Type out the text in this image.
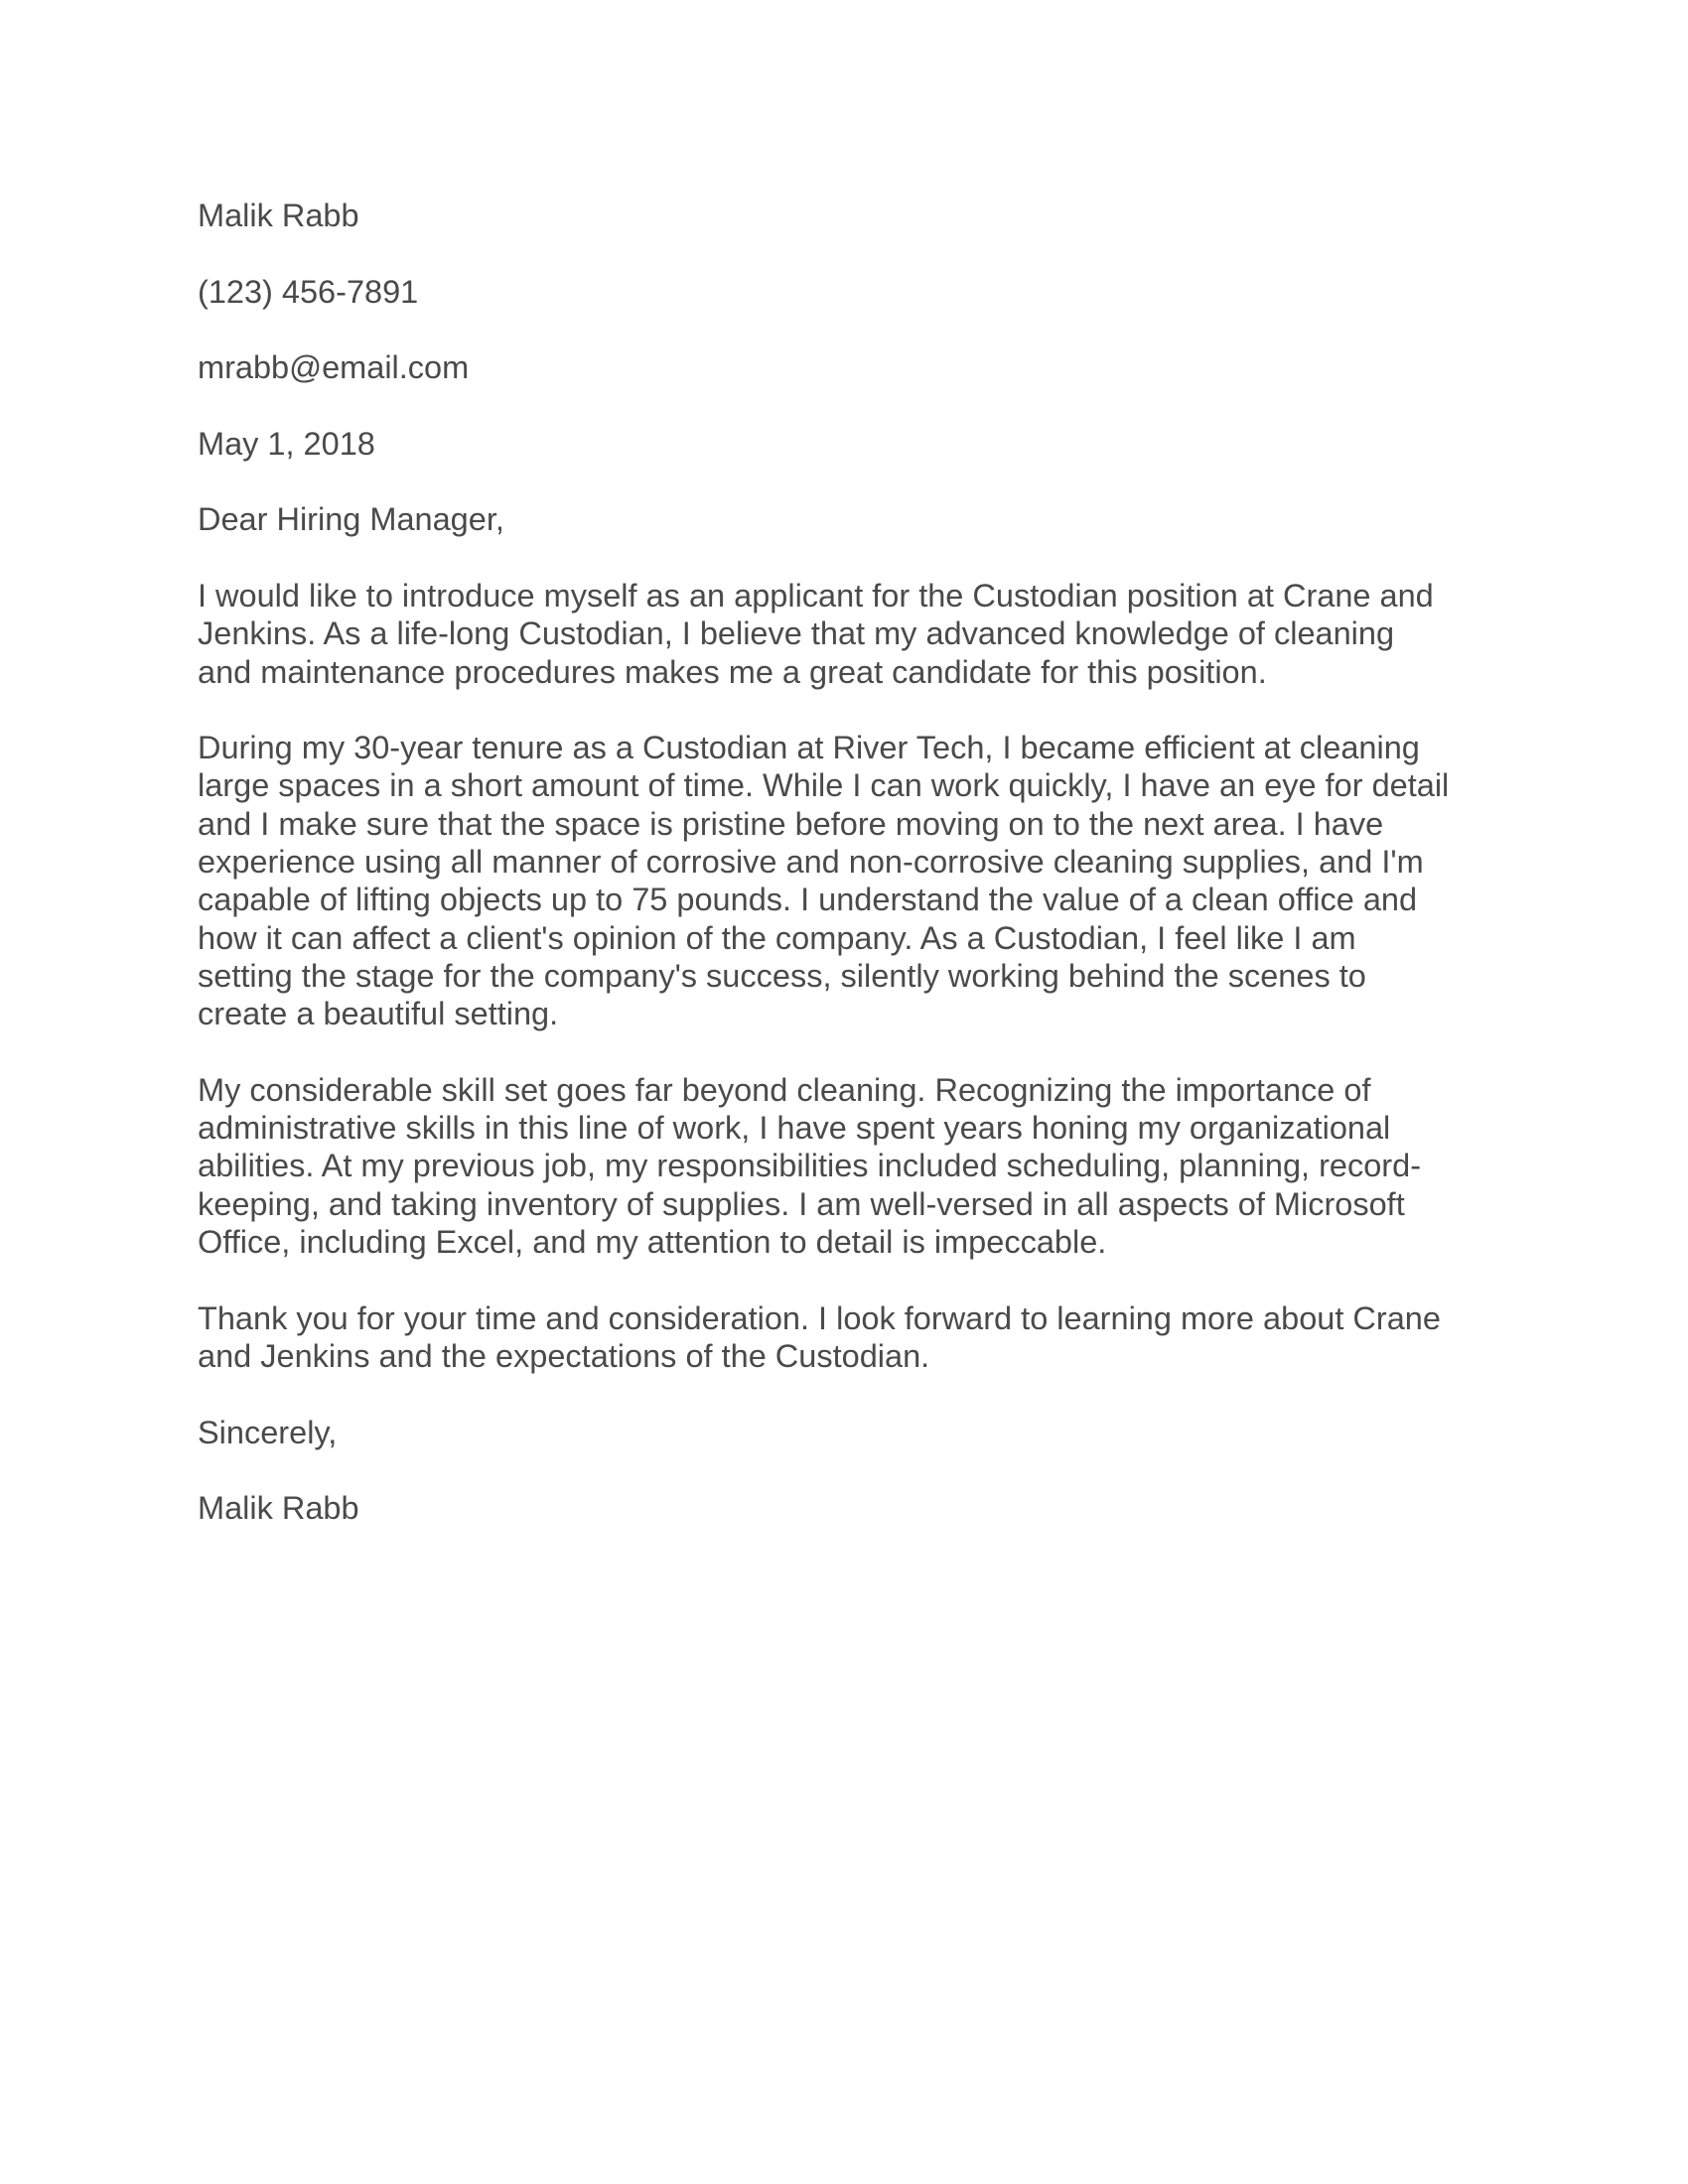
Malik Rabb

(123) 456-7891

mrabb@email.com

May 1, 2018

Dear Hiring Manager,

I would like to introduce myself as an applicant for the Custodian position at Crane and
Jenkins. As a life-long Custodian, I believe that my advanced knowledge of cleaning
and maintenance procedures makes me a great candidate for this position.

During my 30-year tenure as a Custodian at River Tech, I became efficient at cleaning
large spaces in a short amount of time. While I can work quickly, I have an eye for detail
and I make sure that the space is pristine before moving on to the next area. I have
experience using all manner of corrosive and non-corrosive cleaning supplies, and I'm
capable of lifting objects up to 75 pounds. I understand the value of a clean office and
how it can affect a client's opinion of the company. As a Custodian, I feel like I am
setting the stage for the company's success, silently working behind the scenes to
create a beautiful setting.

My considerable skill set goes far beyond cleaning. Recognizing the importance of
administrative skills in this line of work, I have spent years honing my organizational
abilities. At my previous job, my responsibilities included scheduling, planning, record-
keeping, and taking inventory of supplies. I am well-versed in all aspects of Microsoft
Office, including Excel, and my attention to detail is impeccable.

Thank you for your time and consideration. I look forward to learning more about Crane
and Jenkins and the expectations of the Custodian.

Sincerely,

Malik Rabb
